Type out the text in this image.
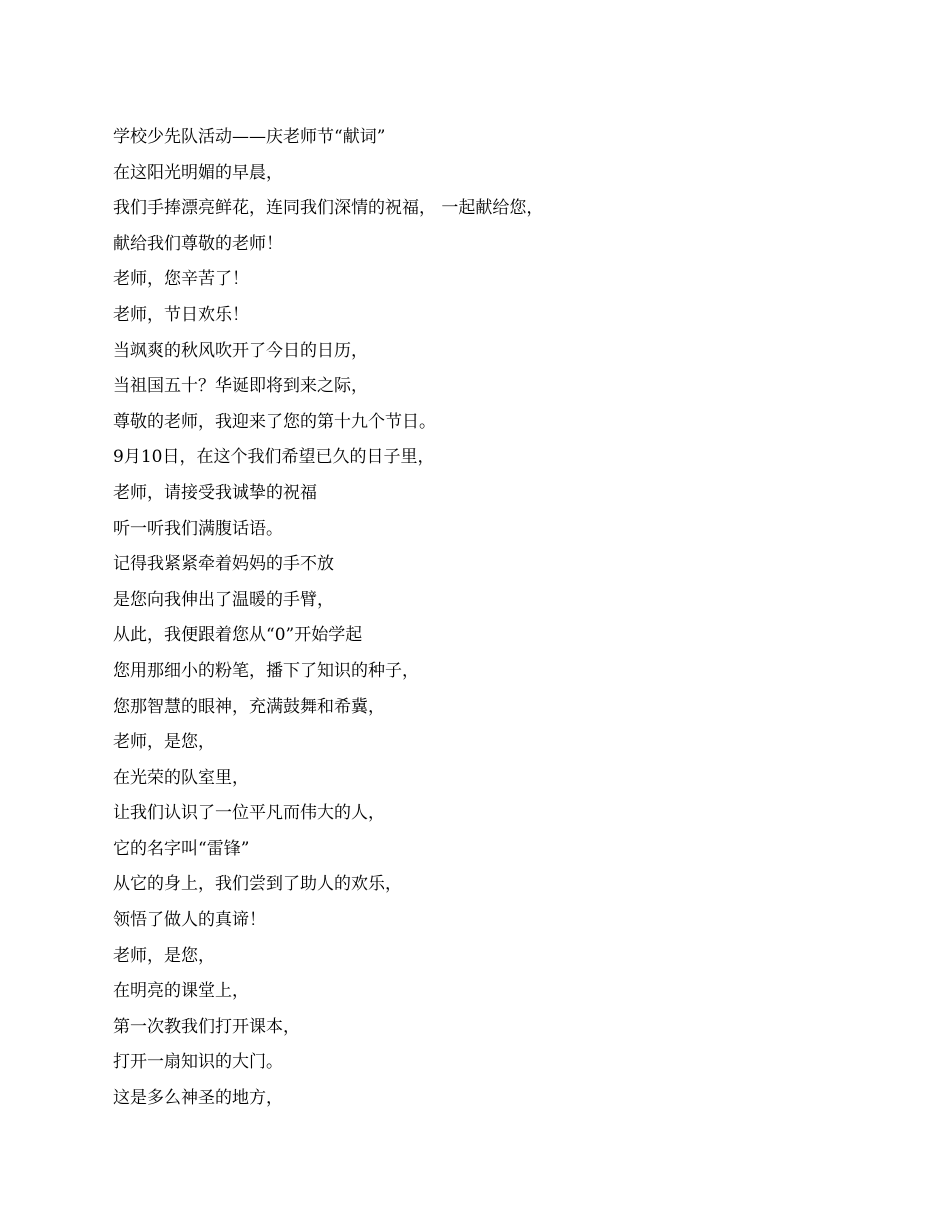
学校少先队活动——庆老师节“献词”
在这阳光明媚的早晨，
我们手捧漂亮鲜花，连同我们深情的祝福， 一起献给您，
献给我们尊敬的老师！
老师，您辛苦了！
老师，节日欢乐！
当飒爽的秋风吹开了今日的日历，
当祖国五十？华诞即将到来之际，
尊敬的老师，我迎来了您的第十九个节日。
9月10日，在这个我们希望已久的日子里，
老师，请接受我诚挚的祝福
听一听我们满腹话语。
记得我紧紧牵着妈妈的手不放
是您向我伸出了温暖的手臂，
从此，我便跟着您从“0”开始学起
您用那细小的粉笔，播下了知识的种子，
您那智慧的眼神，充满鼓舞和希冀，
老师，是您，
在光荣的队室里，
让我们认识了一位平凡而伟大的人，
它的名字叫“雷锋”
从它的身上，我们尝到了助人的欢乐，
领悟了做人的真谛！
老师，是您，
在明亮的课堂上，
第一次教我们打开课本，
打开一扇知识的大门。
这是多么神圣的地方，
